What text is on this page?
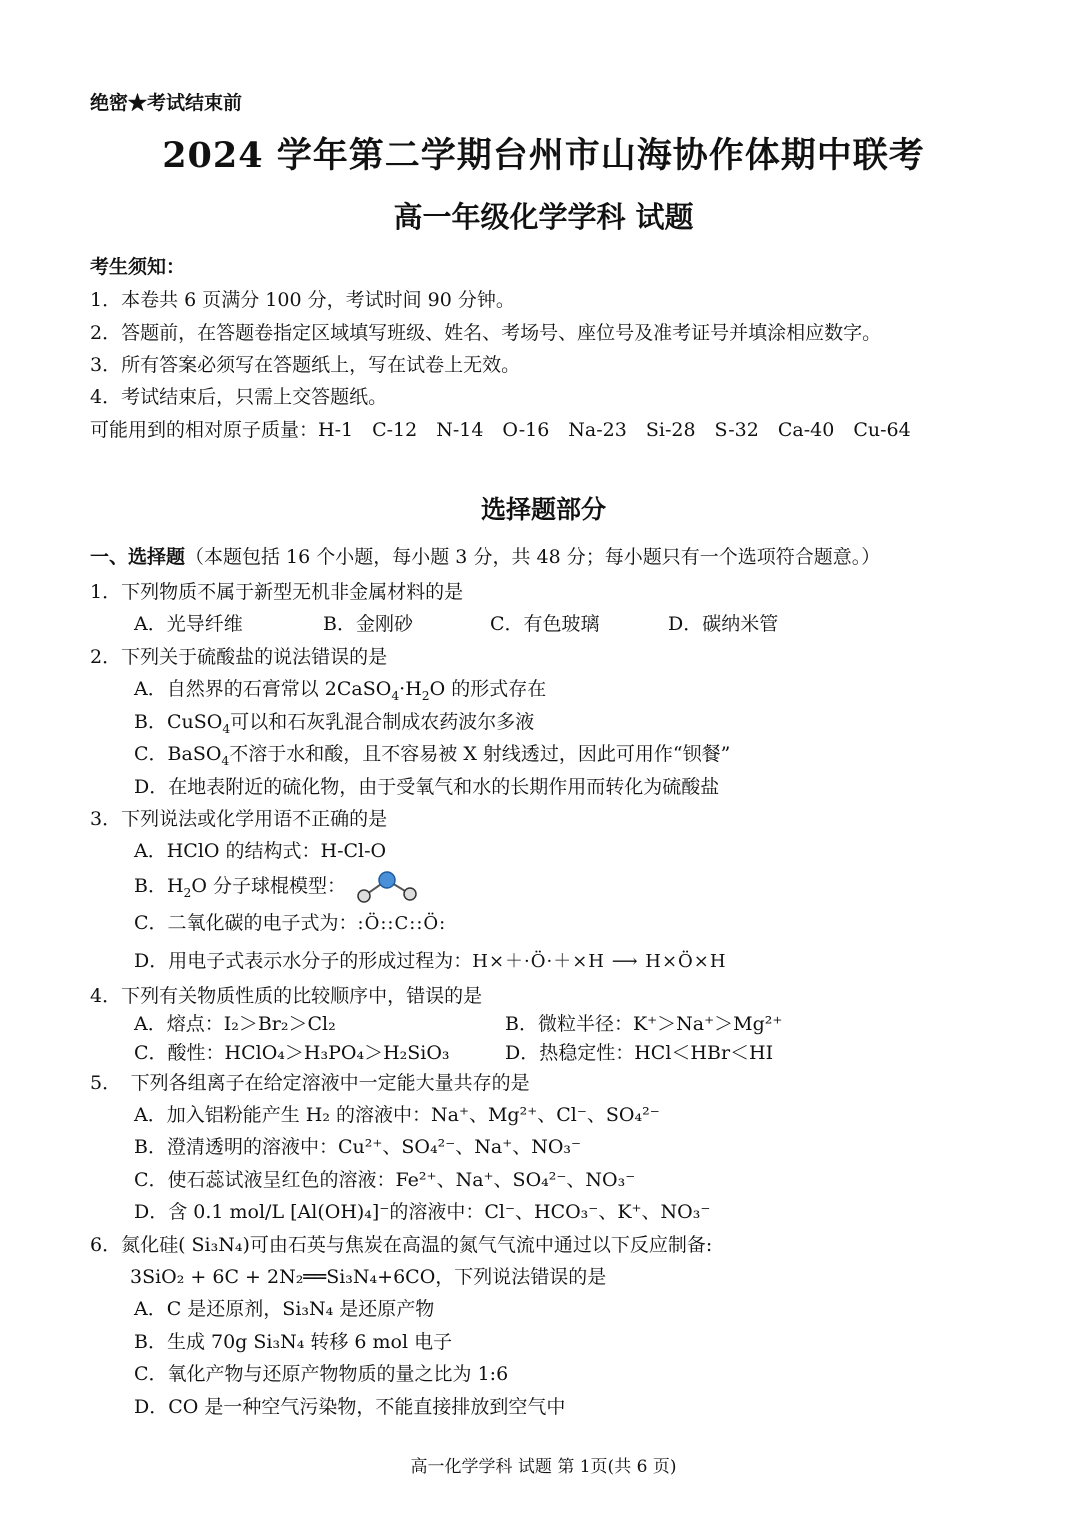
绝密★考试结束前
2024 学年第二学期台州市山海协作体期中联考
高一年级化学学科 试题
考生须知：
1．本卷共 6 页满分 100 分，考试时间 90 分钟。
2．答题前，在答题卷指定区域填写班级、姓名、考场号、座位号及准考证号并填涂相应数字。
3．所有答案必须写在答题纸上，写在试卷上无效。
4．考试结束后，只需上交答题纸。
可能用到的相对原子质量：H-1　C-12　N-14　O-16　Na-23　Si-28　S-32　Ca-40　Cu-64
选择题部分
一、选择题（本题包括 16 个小题，每小题 3 分，共 48 分；每小题只有一个选项符合题意。）
1．下列物质不属于新型无机非金属材料的是
A．光导纤维	B．金刚砂	C．有色玻璃	D．碳纳米管
2．下列关于硫酸盐的说法错误的是
A．自然界的石膏常以 $2CaSO_4\cdot H_2O$ 的形式存在
B．CuSO$_4$可以和石灰乳混合制成农药波尔多液
C．BaSO$_4$不溶于水和酸，且不容易被 X 射线透过，因此可用作“钡餐”
D．在地表附近的硫化物，由于受氧气和水的长期作用而转化为硫酸盐
3．下列说法或化学用语不正确的是
A．HClO 的结构式：H-Cl-O
B．$H_2O$ 分子球棍模型：
C．二氧化碳的电子式为：:Ö::C::Ö:
D．用电子式表示水分子的形成过程为：H×＋·Ö·＋×H ⟶ H×Ö×H
4．下列有关物质性质的比较顺序中，错误的是
A．熔点：I₂＞Br₂＞Cl₂	B．微粒半径：K⁺＞Na⁺＞Mg²⁺
C．酸性：HClO₄＞H₃PO₄＞H₂SiO₃	D．热稳定性：HCl＜HBr＜HI
5．　下列各组离子在给定溶液中一定能大量共存的是
A．加入铝粉能产生 H₂ 的溶液中：Na⁺、Mg²⁺、Cl⁻、SO₄²⁻
B．澄清透明的溶液中：Cu²⁺、SO₄²⁻、Na⁺、NO₃⁻
C．使石蕊试液呈红色的溶液：Fe²⁺、Na⁺、SO₄²⁻、NO₃⁻
D．含 0.1 mol/L [Al(OH)₄]⁻的溶液中：Cl⁻、HCO₃⁻、K⁺、NO₃⁻
6．氮化硅( Si₃N₄)可由石英与焦炭在高温的氮气气流中通过以下反应制备:
3SiO₂ + 6C + 2N₂══Si₃N₄+6CO，下列说法错误的是
A．C 是还原剂，Si₃N₄ 是还原产物
B．生成 70g Si₃N₄ 转移 6 mol 电子
C．氧化产物与还原产物物质的量之比为 1:6
D．CO 是一种空气污染物，不能直接排放到空气中
高一化学学科 试题 第 1页(共 6 页)
